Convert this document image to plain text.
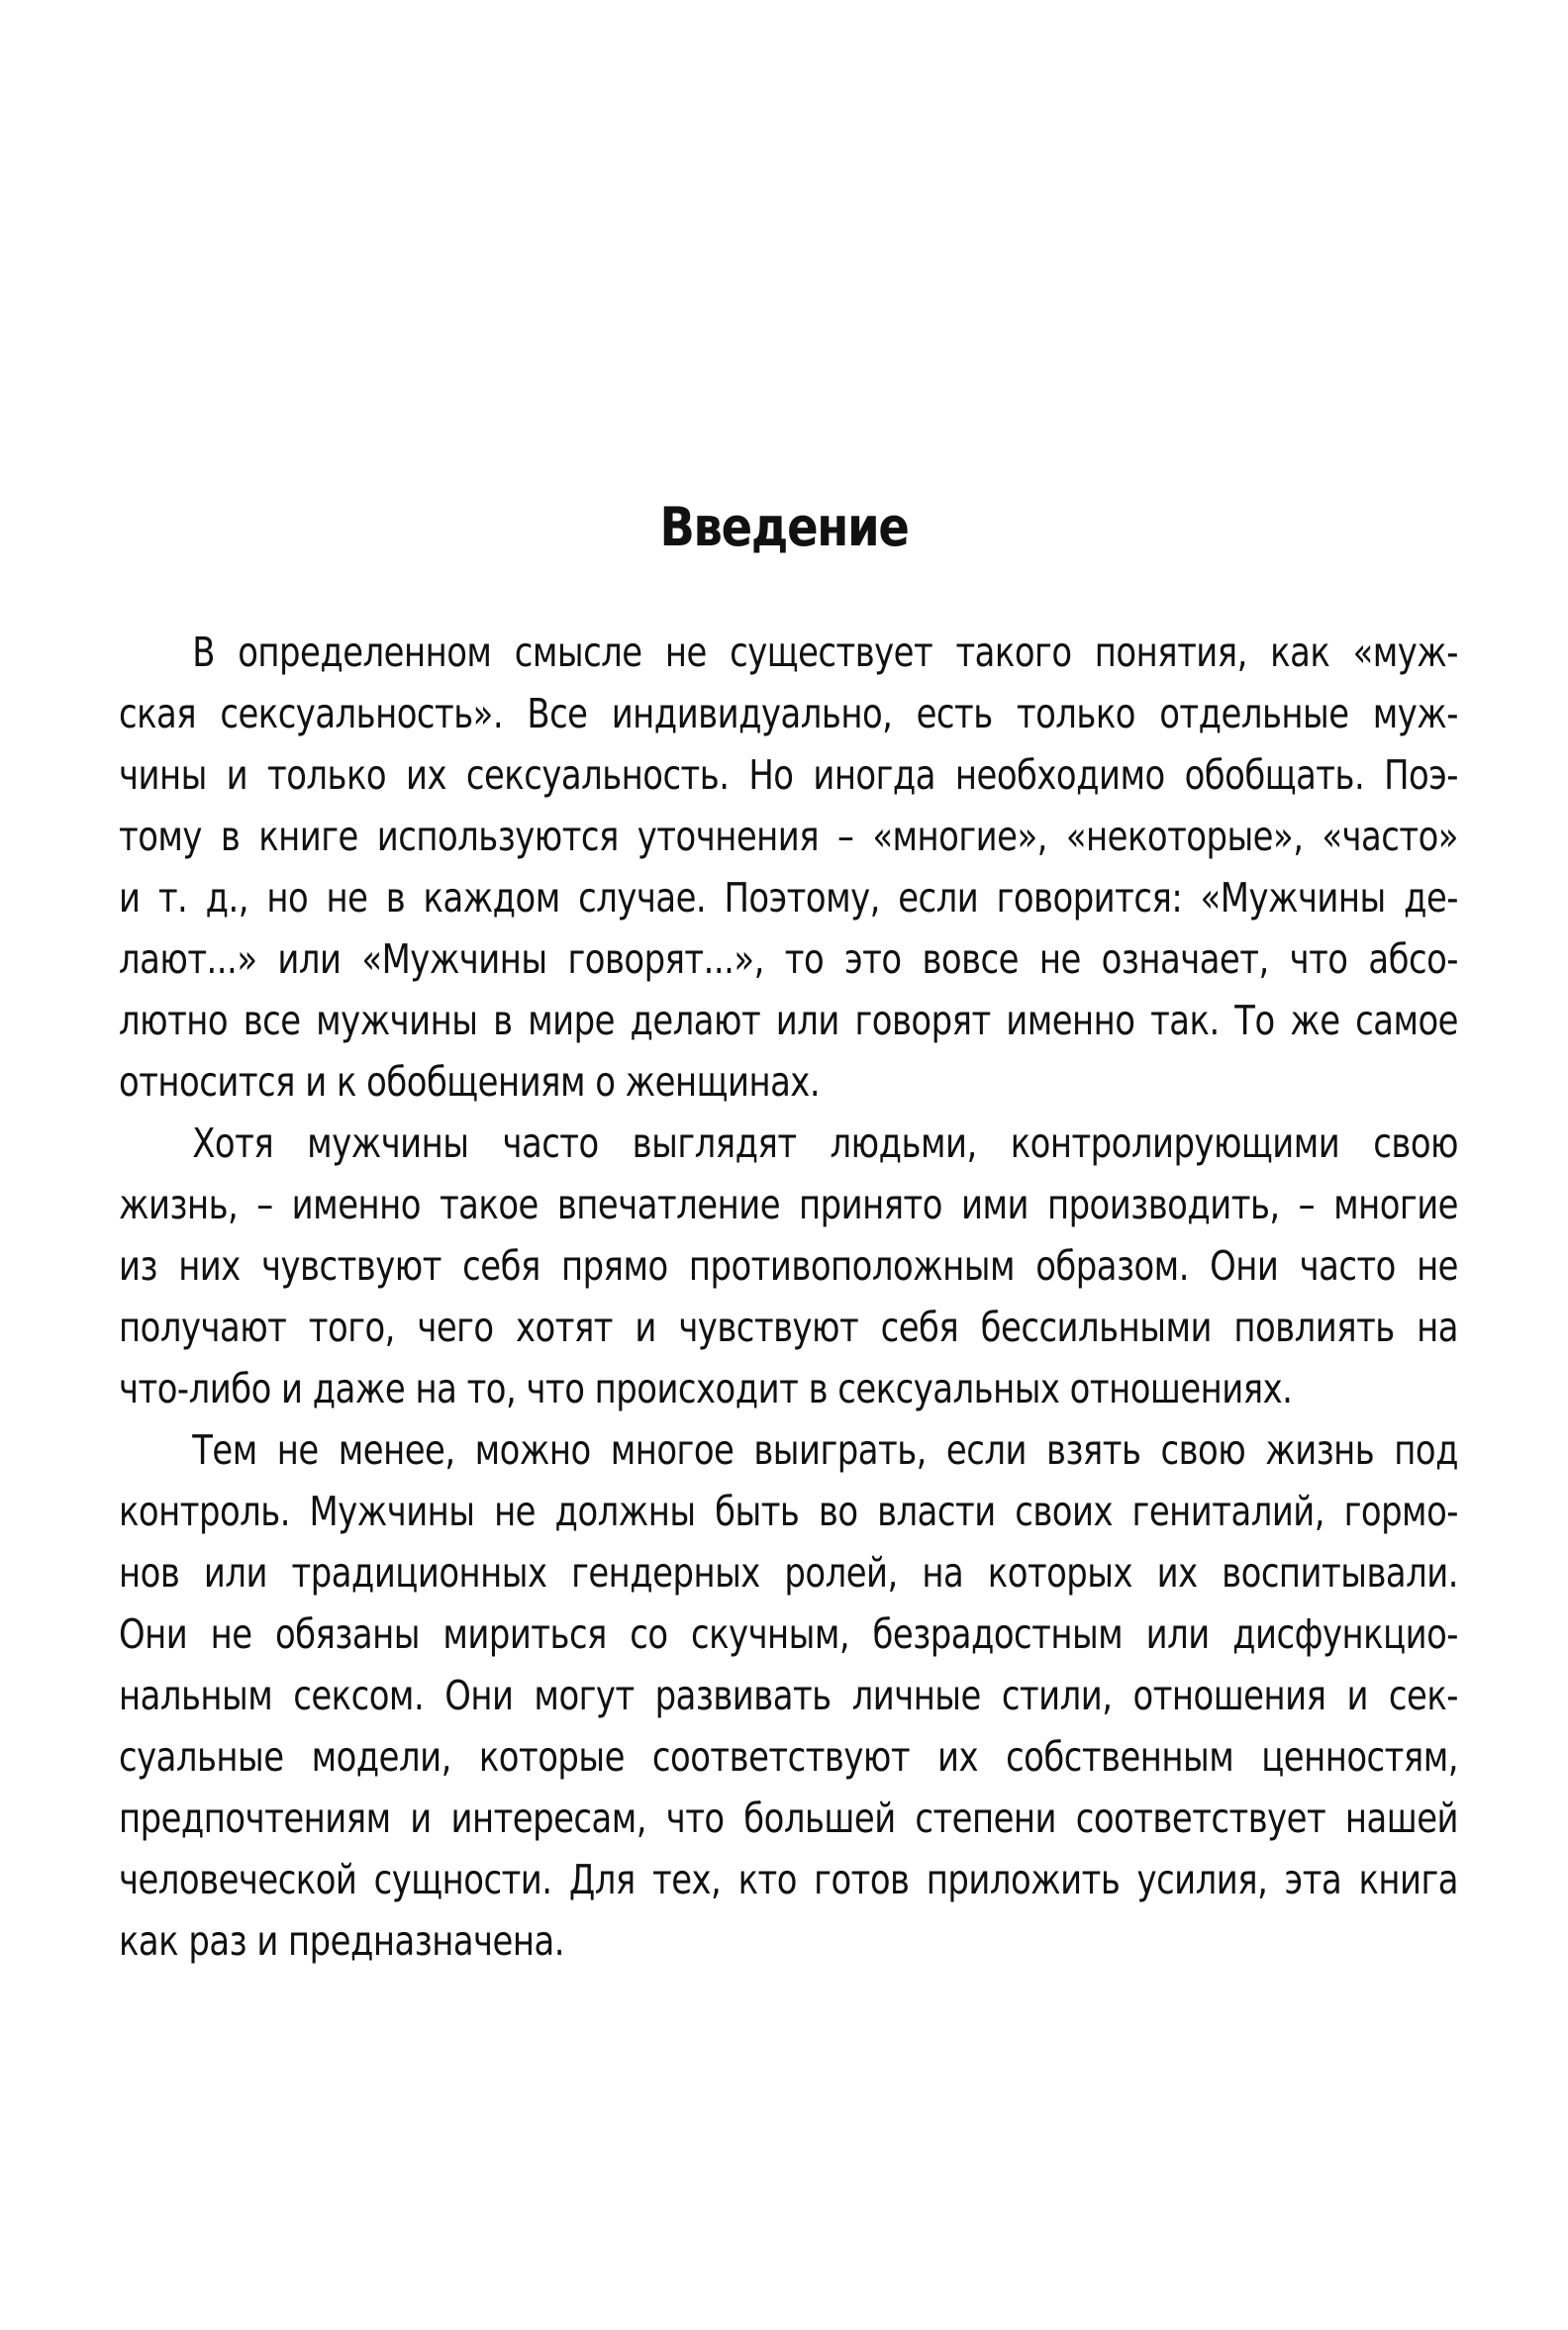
Введение

В определенном смысле не существует такого понятия, как «муж-
ская сексуальность». Все индивидуально, есть только отдельные муж-
чины и только их сексуальность. Но иногда необходимо обобщать. Поэ-
тому в книге используются уточнения – «многие», «некоторые», «часто»
и т. д., но не в каждом случае. Поэтому, если говорится: «Мужчины де-
лают...» или «Мужчины говорят...», то это вовсе не означает, что абсо-
лютно все мужчины в мире делают или говорят именно так. То же самое
относится и к обобщениям о женщинах.

Хотя мужчины часто выглядят людьми, контролирующими свою
жизнь, – именно такое впечатление принято ими производить, – многие
из них чувствуют себя прямо противоположным образом. Они часто не
получают того, чего хотят и чувствуют себя бессильными повлиять на
что-либо и даже на то, что происходит в сексуальных отношениях.

Тем не менее, можно многое выиграть, если взять свою жизнь под
контроль. Мужчины не должны быть во власти своих гениталий, гормо-
нов или традиционных гендерных ролей, на которых их воспитывали.
Они не обязаны мириться со скучным, безрадостным или дисфункцио-
нальным сексом. Они могут развивать личные стили, отношения и сек-
суальные модели, которые соответствуют их собственным ценностям,
предпочтениям и интересам, что большей степени соответствует нашей
человеческой сущности. Для тех, кто готов приложить усилия, эта книга
как раз и предназначена.
